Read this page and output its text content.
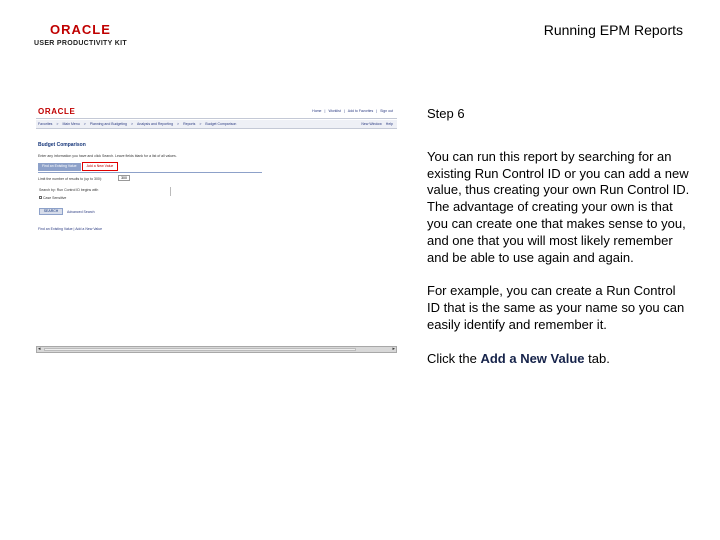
ORACLE
USER PRODUCTIVITY KIT
Running EPM Reports
ORACLE	Home | Worklist | Add to Favorites | Sign out
Favorites > Main Menu > Planning and Budgeting > Analysis and Reporting > Reports > Budget Comparison	New Window Help
Budget Comparison
Enter any information you have and click Search. Leave fields blank for a list of all values.
Find an Existing Value	Add a New Value
Limit the number of results to (up to 300):	300
Search by: Run Control ID begins with
Case Sensitive
SEARCH	Advanced Search
Find an Existing Value | Add a New Value
◂	▸
Step 6
You can run this report by searching for an existing Run Control ID or you can add a new value, thus creating your own Run Control ID. The advantage of creating your own is that you can create one that makes sense to you, and one that you will most likely remember and be able to use again and again.
For example, you can create a Run Control ID that is the same as your name so you can easily identify and remember it.
Click the Add a New Value tab.
